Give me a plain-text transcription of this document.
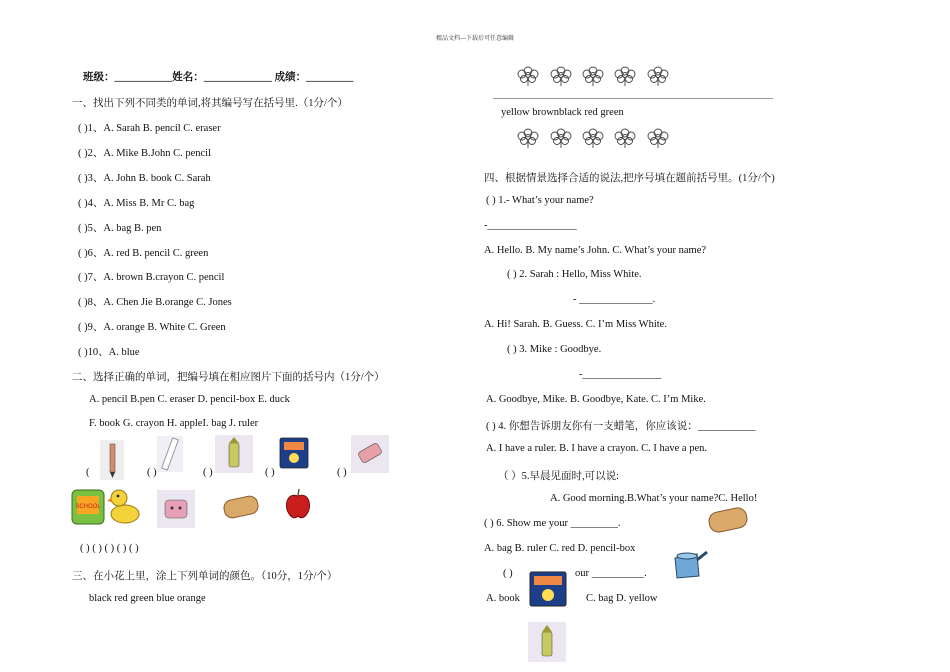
精品文档---下载后可任意编辑
班级：___________姓名：_____________ 成绩：_________
一、找出下列不同类的单词,将其编号写在括号里.（1分/个）
( )1、A. Sarah B. pencil C. eraser
( )2、A. Mike B.John C. pencil
( )3、A. John B. book C. Sarah
( )4、A. Miss B. Mr C. bag
( )5、A. bag B. pen
( )6、A. red B. pencil C. green
( )7、A. brown B.crayon C. pencil
( )8、A. Chen Jie B.orange C. Jones
( )9、A. orange B. White C. Green
( )10、A. blue
二、选择正确的单词，把编号填在相应图片下面的括号内（1分/个）
A. pencil B.pen C. eraser D. pencil-box E. duck
F. book G. crayon H. appleI. bag J. ruler
(	( )	( )	( )	( )
SCHOOL
( ) ( ) ( ) ( ) ( )
三、在小花上里，涂上下列单词的颜色。（10分，1分/个）
black red green blue orange
yellow brownblack red green
四、根据情景选择合适的说法,把序号填在题前括号里。(1分/个)
( ) 1.- What’s your name?
-_________________
A. Hello. B. My name’s John. C. What’s your name?
( ) 2. Sarah : Hello, Miss White.
- ______________.
A. Hi! Sarah. B. Guess. C. I’m Miss White.
( ) 3. Mike : Goodbye.
-_______________
A. Goodbye, Mike. B. Goodbye, Kate. C. I’m Mike.
( ) 4. 你想告诉朋友你有一支蜡笔，你应该说：___________
A. I have a ruler. B. I have a crayon. C. I have a pen.
（ ）5.早晨见面时,可以说:
A. Good morning.B.What’s your name?C. Hello!
( ) 6. Show me your _________.
A. bag B. ruler C. red D. pencil-box
( )	our __________.
A. book	C. bag D. yellow
